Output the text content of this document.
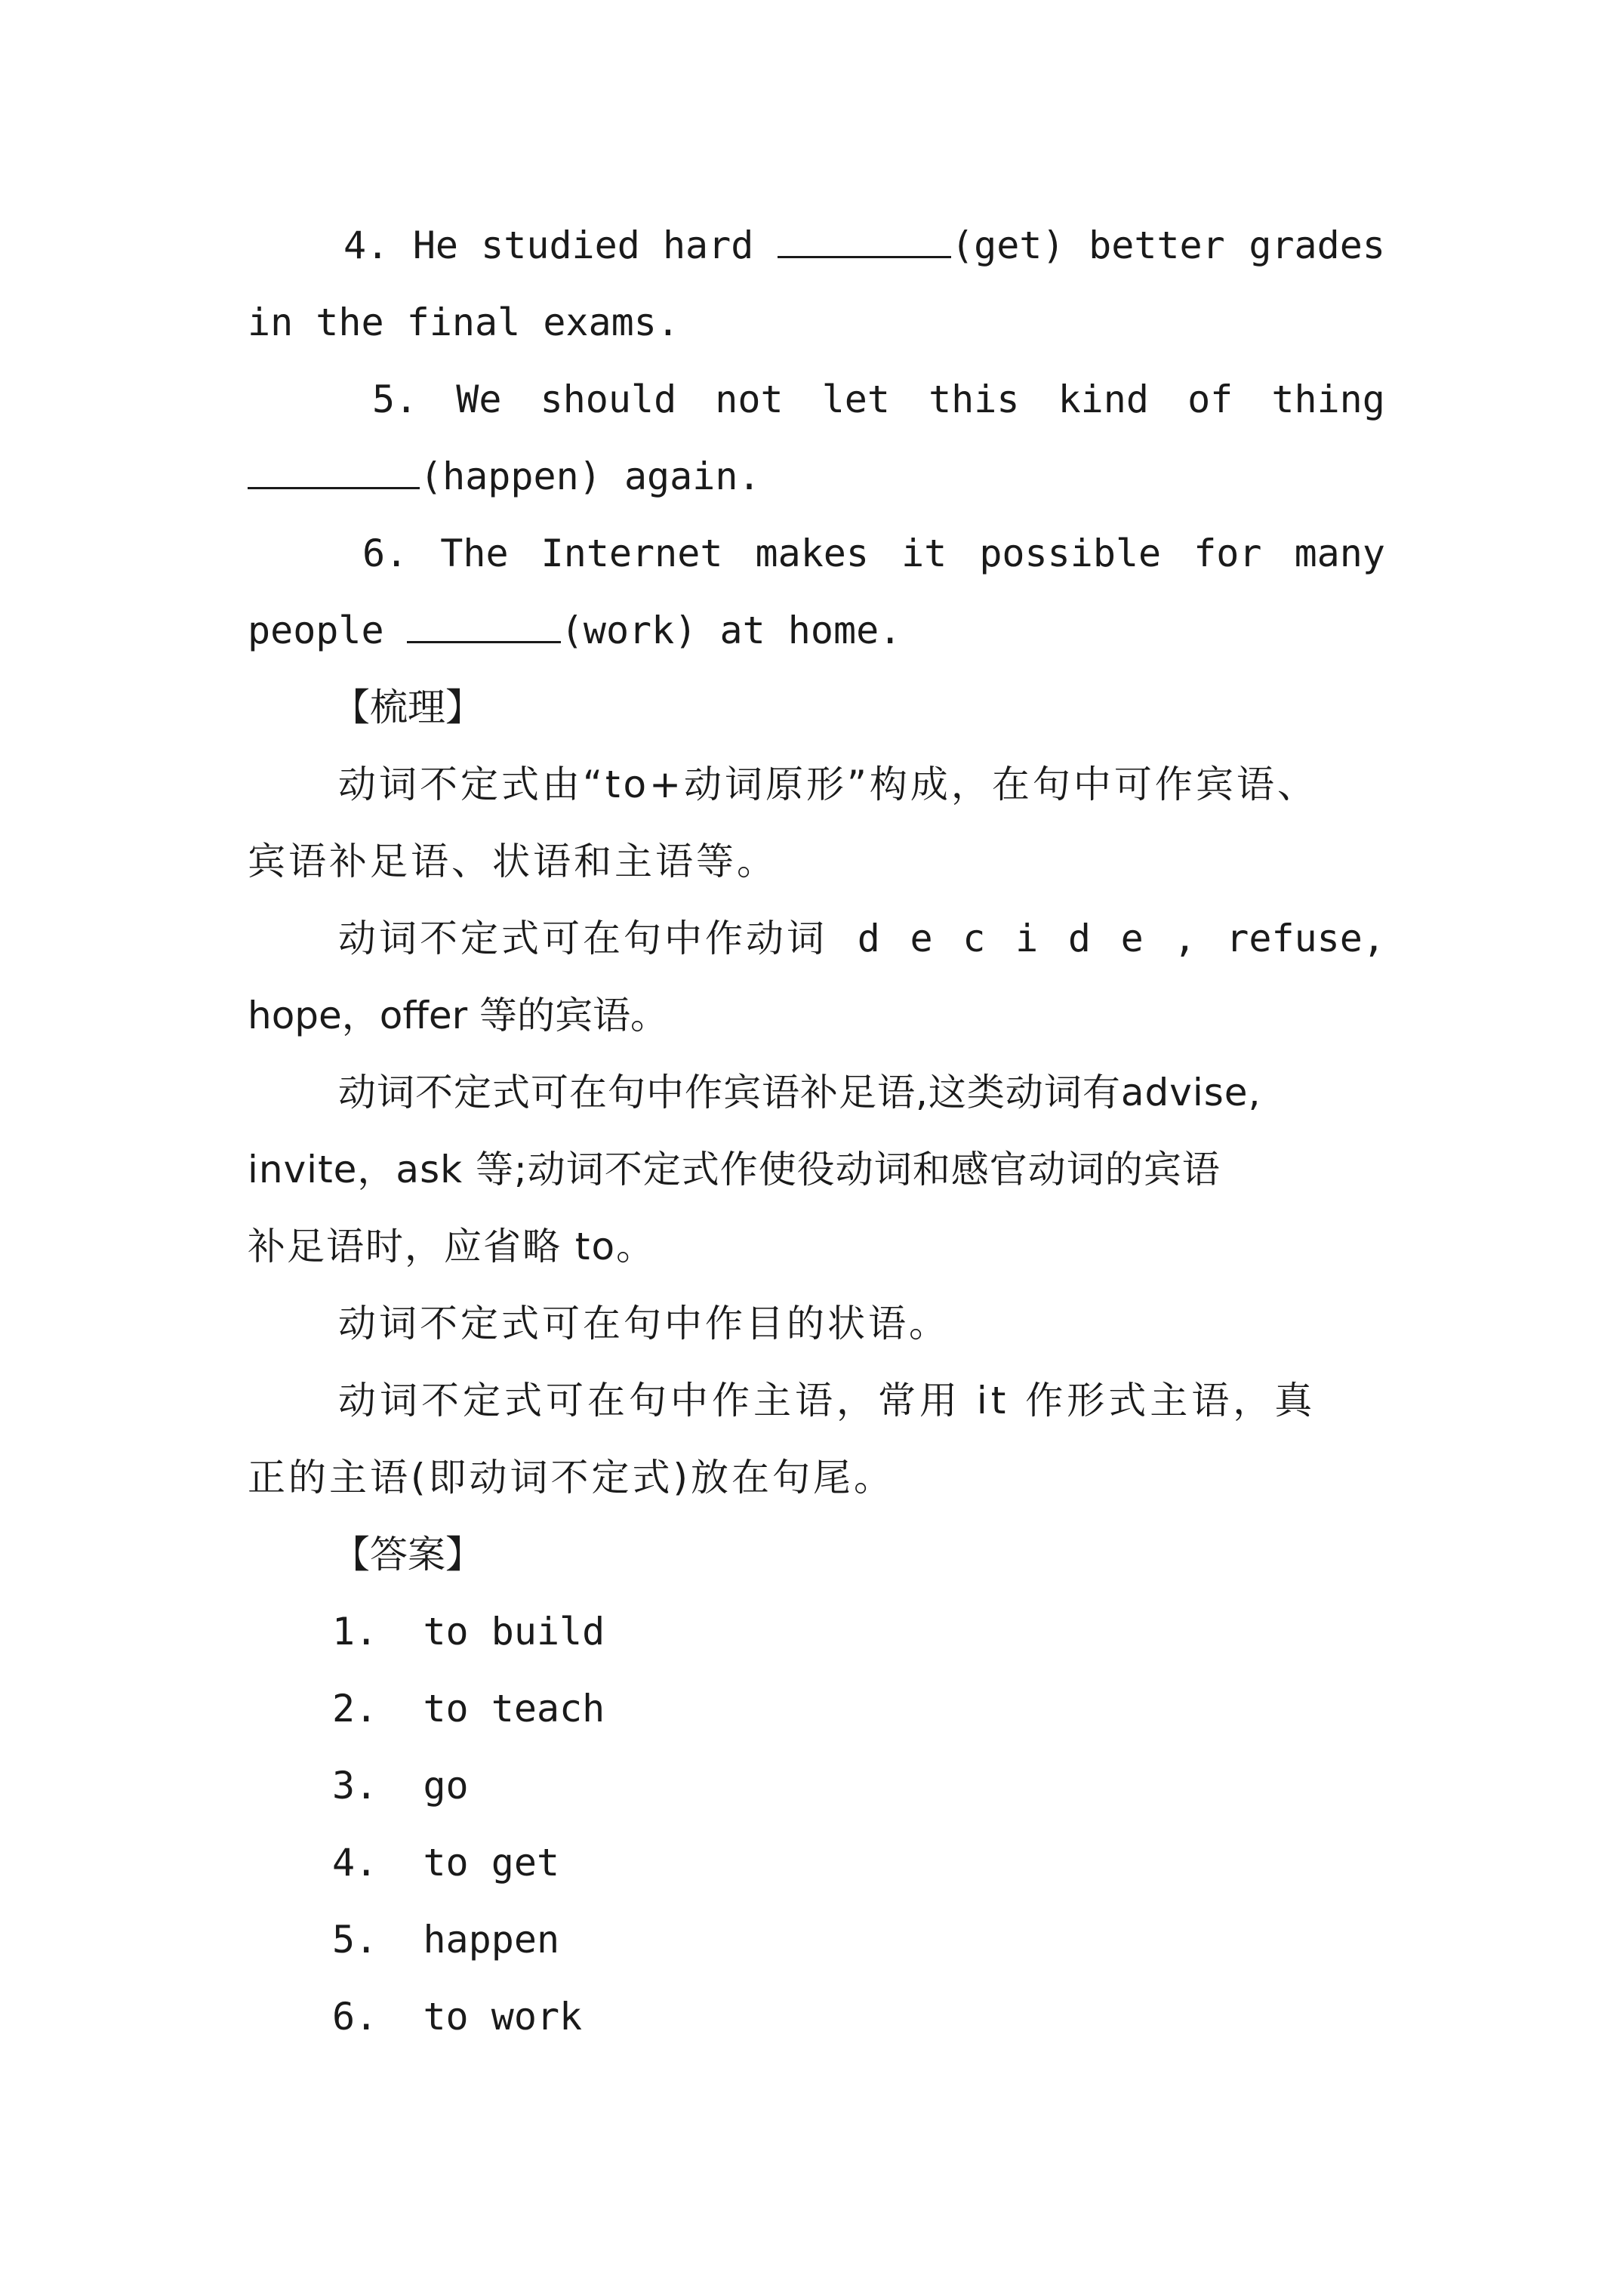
4. He studied hard	(get) better grades
in the final exams.
5. We should not let this kind of thing
(happen) again.
6. The Internet makes it possible for many
people	(work) at home.
【梳理】
动词不定式由“to+动词原形”构成，在句中可作宾语、
宾语补足语、状语和主语等。
动词不定式可在句中作动词 d e c i d e , refuse,
hope，offer 等的宾语。
动词不定式可在句中作宾语补足语,这类动词有advise,
invite，ask 等;动词不定式作使役动词和感官动词的宾语
补足语时，应省略 to。
动词不定式可在句中作目的状语。
动词不定式可在句中作主语，常用 it 作形式主语，真
正的主语(即动词不定式)放在句尾。
【答案】
1. to build
2. to teach
3. go
4. to get
5. happen
6. to work
